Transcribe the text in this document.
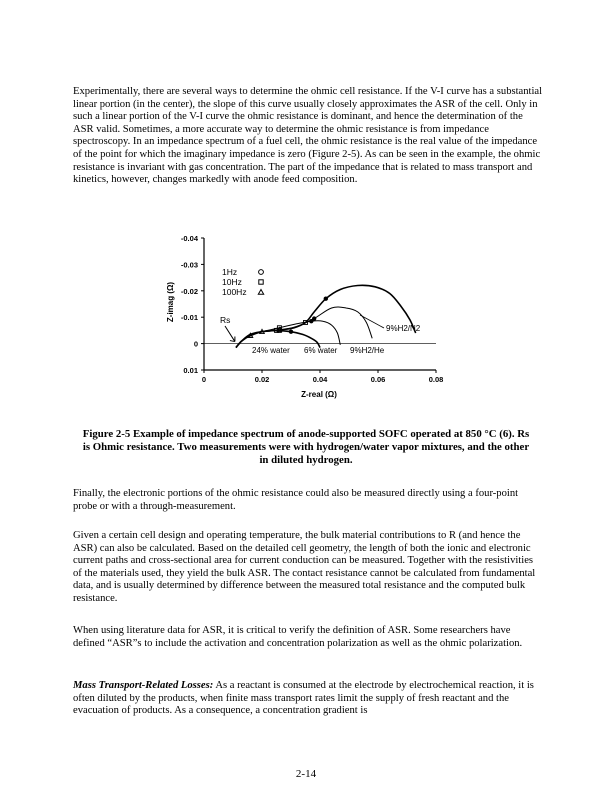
Experimentally, there are several ways to determine the ohmic cell resistance. If the V-I curve has a substantial linear portion (in the center), the slope of this curve usually closely approximates the ASR of the cell. Only in such a linear portion of the V-I curve the ohmic resistance is dominant, and hence the determination of the ASR valid. Sometimes, a more accurate way to determine the ohmic resistance is from impedance spectroscopy. In an impedance spectrum of a fuel cell, the ohmic resistance is the real value of the impedance of the point for which the imaginary impedance is zero (Figure 2-5). As can be seen in the example, the ohmic resistance is invariant with gas concentration. The part of the impedance that is related to mass transport and kinetics, however, changes markedly with anode feed composition.

0	0.02	0.04	0.06	0.08
-0.04
-0.03
-0.02
-0.01
0
0.01
1Hz
10Hz
100Hz
Rs
9%H2/N2
24% water 6% water 9%H2/He
Z-real (Ω)
Z-imag (Ω)

Figure 2-5 Example of impedance spectrum of anode-supported SOFC operated at 850 °C (6). Rs is Ohmic resistance. Two measurements were with hydrogen/water vapor mixtures, and the other in diluted hydrogen.

Finally, the electronic portions of the ohmic resistance could also be measured directly using a four-point probe or with a through-measurement.

Given a certain cell design and operating temperature, the bulk material contributions to R (and hence the ASR) can also be calculated. Based on the detailed cell geometry, the length of both the ionic and electronic current paths and cross-sectional area for current conduction can be measured. Together with the resistivities of the materials used, they yield the bulk ASR. The contact resistance cannot be calculated from fundamental data, and is usually determined by difference between the measured total resistance and the computed bulk resistance.

When using literature data for ASR, it is critical to verify the definition of ASR. Some researchers have defined “ASR”s to include the activation and concentration polarization as well as the ohmic polarization.

Mass Transport-Related Losses: As a reactant is consumed at the electrode by electrochemical reaction, it is often diluted by the products, when finite mass transport rates limit the supply of fresh reactant and the evacuation of products. As a consequence, a concentration gradient is

2-14
